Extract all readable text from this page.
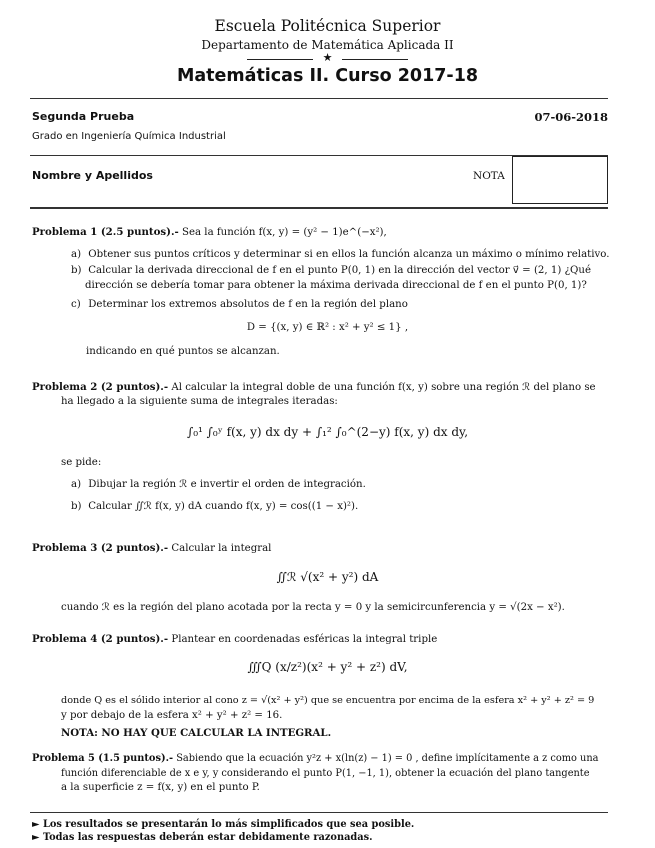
Escuela Politécnica Superior
Departamento de Matemática Aplicada II
★
Matemáticas II. Curso 2017-18
Segunda Prueba	07-06-2018
Grado en Ingeniería Química Industrial
Nombre y Apellidos	NOTA
Problema 1 (2.5 puntos).- Sea la función f(x, y) = (y² − 1)e^(−x²),
a) Obtener sus puntos críticos y determinar si en ellos la función alcanza un máximo o mínimo relativo.
b) Calcular la derivada direccional de f en el punto P(0, 1) en la dirección del vector v⃗ = (2, 1) ¿Qué
dirección se debería tomar para obtener la máxima derivada direccional de f en el punto P(0, 1)?
c) Determinar los extremos absolutos de f en la región del plano
D = {(x, y) ∈ ℝ² : x² + y² ≤ 1} ,
indicando en qué puntos se alcanzan.
Problema 2 (2 puntos).- Al calcular la integral doble de una función f(x, y) sobre una región ℛ del plano se
ha llegado a la siguiente suma de integrales iteradas:
∫₀¹ ∫₀ʸ f(x, y) dx dy + ∫₁² ∫₀^(2−y) f(x, y) dx dy,
se pide:
a) Dibujar la región ℛ e invertir el orden de integración.
b) Calcular ∬ℛ f(x, y) dA cuando f(x, y) = cos((1 − x)²).
Problema 3 (2 puntos).- Calcular la integral
∬ℛ √(x² + y²) dA
cuando ℛ es la región del plano acotada por la recta y = 0 y la semicircunferencia y = √(2x − x²).
Problema 4 (2 puntos).- Plantear en coordenadas esféricas la integral triple
∭Q (x/z²)(x² + y² + z²) dV,
donde Q es el sólido interior al cono z = √(x² + y²) que se encuentra por encima de la esfera x² + y² + z² = 9
y por debajo de la esfera x² + y² + z² = 16.
NOTA: NO HAY QUE CALCULAR LA INTEGRAL.
Problema 5 (1.5 puntos).- Sabiendo que la ecuación y²z + x(ln(z) − 1) = 0 , define implícitamente a z como una
función diferenciable de x e y, y considerando el punto P(1, −1, 1), obtener la ecuación del plano tangente
a la superficie z = f(x, y) en el punto P.
► Los resultados se presentarán lo más simplificados que sea posible.
► Todas las respuestas deberán estar debidamente razonadas.
